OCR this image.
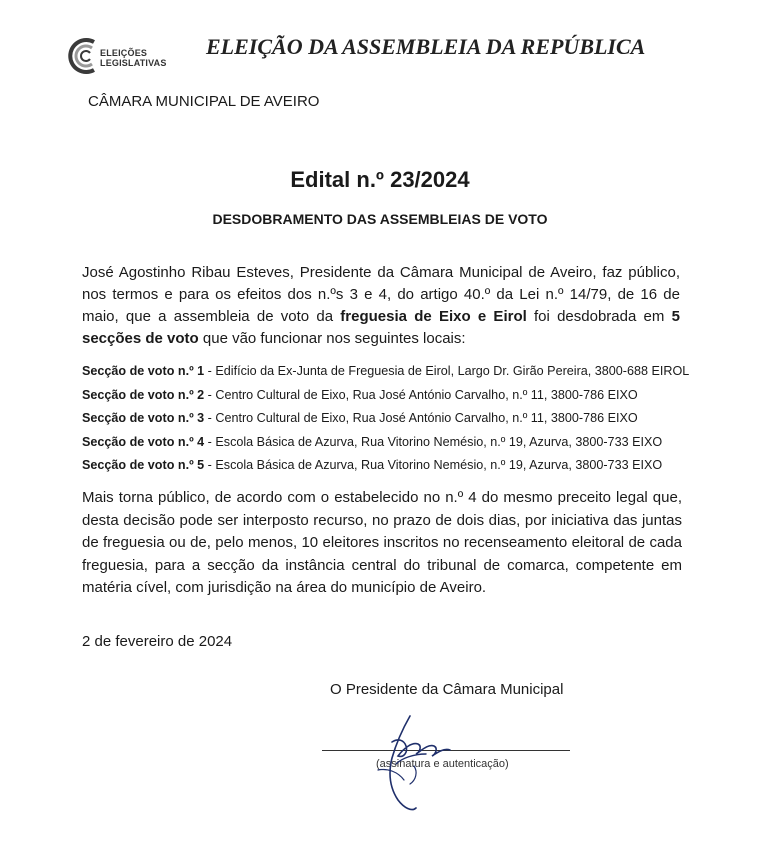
ELEIÇÕES
LEGISLATIVAS
ELEIÇÃO DA ASSEMBLEIA DA REPÚBLICA
CÂMARA MUNICIPAL DE AVEIRO
Edital n.º 23/2024
DESDOBRAMENTO DAS ASSEMBLEIAS DE VOTO
José Agostinho Ribau Esteves, Presidente da Câmara Municipal de Aveiro, faz público, nos termos e para os efeitos dos n.ºs 3 e 4, do artigo 40.º da Lei n.º 14/79, de 16 de maio, que a assembleia de voto da freguesia de Eixo e Eirol foi desdobrada em 5 secções de voto que vão funcionar nos seguintes locais:
Secção de voto n.º 1 - Edifício da Ex-Junta de Freguesia de Eirol, Largo Dr. Girão Pereira, 3800-688 EIROL
Secção de voto n.º 2 - Centro Cultural de Eixo, Rua José António Carvalho, n.º 11, 3800-786 EIXO
Secção de voto n.º 3 - Centro Cultural de Eixo, Rua José António Carvalho, n.º 11, 3800-786 EIXO
Secção de voto n.º 4 - Escola Básica de Azurva, Rua Vitorino Nemésio, n.º 19, Azurva, 3800-733 EIXO
Secção de voto n.º 5 - Escola Básica de Azurva, Rua Vitorino Nemésio, n.º 19, Azurva, 3800-733 EIXO
Mais torna público, de acordo com o estabelecido no n.º 4 do mesmo preceito legal que, desta decisão pode ser interposto recurso, no prazo de dois dias, por iniciativa das juntas de freguesia ou de, pelo menos, 10 eleitores inscritos no recenseamento eleitoral de cada freguesia, para a secção da instância central do tribunal de comarca, competente em matéria cível, com jurisdição na área do município de Aveiro.
2 de fevereiro de 2024
O Presidente da Câmara Municipal
(assinatura e autenticação)
